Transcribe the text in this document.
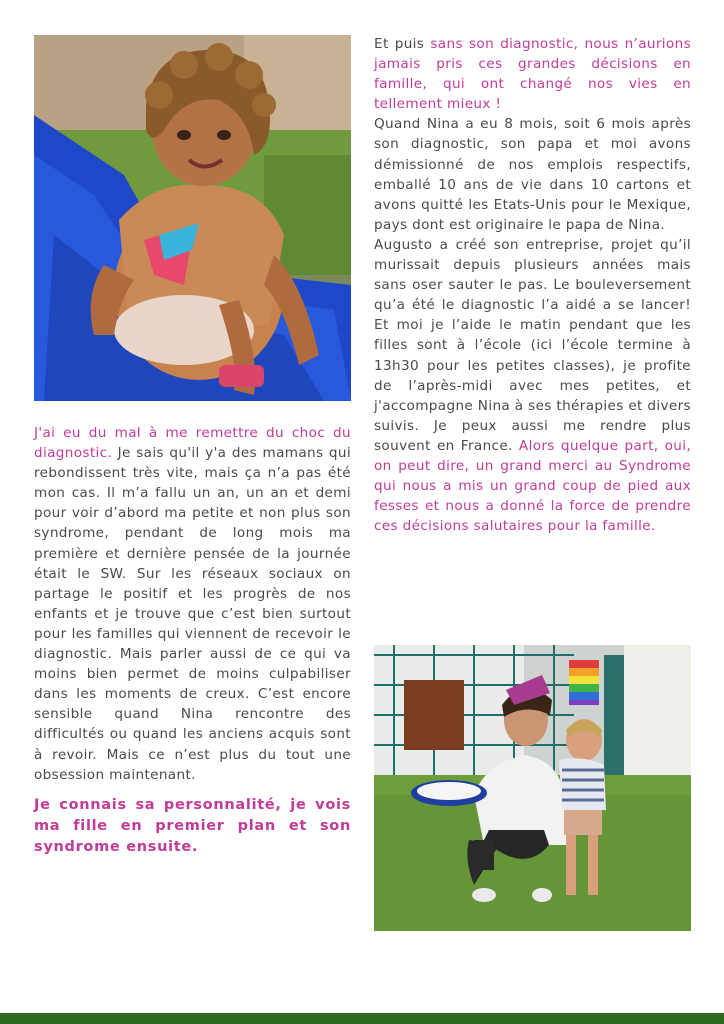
J'ai eu du mal à me remettre du choc du diagnostic. Je sais qu'il y'a des mamans qui rebondissent très vite, mais ça n’a pas été mon cas. Il m’a fallu un an, un an et demi pour voir d’abord ma petite et non plus son syndrome, pendant de long mois ma première et dernière pensée de la journée était le SW. Sur les réseaux sociaux on partage le positif et les progrès de nos enfants et je trouve que c’est bien surtout pour les familles qui viennent de recevoir le diagnostic. Mais parler aussi de ce qui va moins bien permet de moins culpabiliser dans les moments de creux. C’est encore sensible quand Nina rencontre des difficultés ou quand les anciens acquis sont à revoir. Mais ce n’est plus du tout une obsession maintenant.

Je connais sa personnalité, je vois ma fille en premier plan et son syndrome ensuite.

Et puis sans son diagnostic, nous n’aurions jamais pris ces grandes décisions en famille, qui ont changé nos vies en tellement mieux !

Quand Nina a eu 8 mois, soit 6 mois après son diagnostic, son papa et moi avons démissionné de nos emplois respectifs, emballé 10 ans de vie dans 10 cartons et avons quitté les Etats-Unis pour le Mexique, pays dont est originaire le papa de Nina.

Augusto a créé son entreprise, projet qu’il murissait depuis plusieurs années mais sans oser sauter le pas. Le bouleversement qu’a été le diagnostic l’a aidé a se lancer! Et moi je l’aide le matin pendant que les filles sont à l’école (ici l’école termine à 13h30 pour les petites classes), je profite de l’après-midi avec mes petites, et j'accompagne Nina à ses thérapies et divers suivis. Je peux aussi me rendre plus souvent en France. Alors quelque part, oui, on peut dire, un grand merci au Syndrome qui nous a mis un grand coup de pied aux fesses et nous a donné la force de prendre ces décisions salutaires pour la famille.
